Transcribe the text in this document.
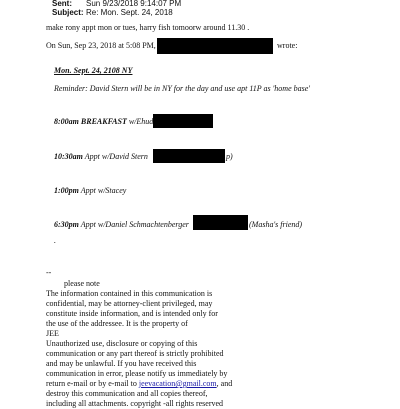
Sent: Sun 9/23/2018 9:14:07 PM
Subject: Re: Mon. Sept. 24, 2018
make rony appt mon or tues, harry fish tomoorw around 11.30 .
On Sun, Sep 23, 2018 at 5:08 PM,	wrote:
Mon. Sept. 24, 2108 NY
Reminder: David Stern will be in NY for the day and use apt 11P as 'home base'
8:00am BREAKFAST w/Ehud
10:30am Appt w/David Stern	p)
1:00pm Appt w/Stacey
6:30pm Appt w/Daniel Schmachtenberger	(Masha's friend)
.
--
please note
The information contained in this communication is
confidential, may be attorney-client privileged, may
constitute inside information, and is intended only for
the use of the addressee. It is the property of
JEE
Unauthorized use, disclosure or copying of this
communication or any part thereof is strictly prohibited
and may be unlawful. If you have received this
communication in error, please notify us immediately by
return e-mail or by e-mail to jeevacation@gmail.com, and
destroy this communication and all copies thereof,
including all attachments. copyright -all rights reserved
